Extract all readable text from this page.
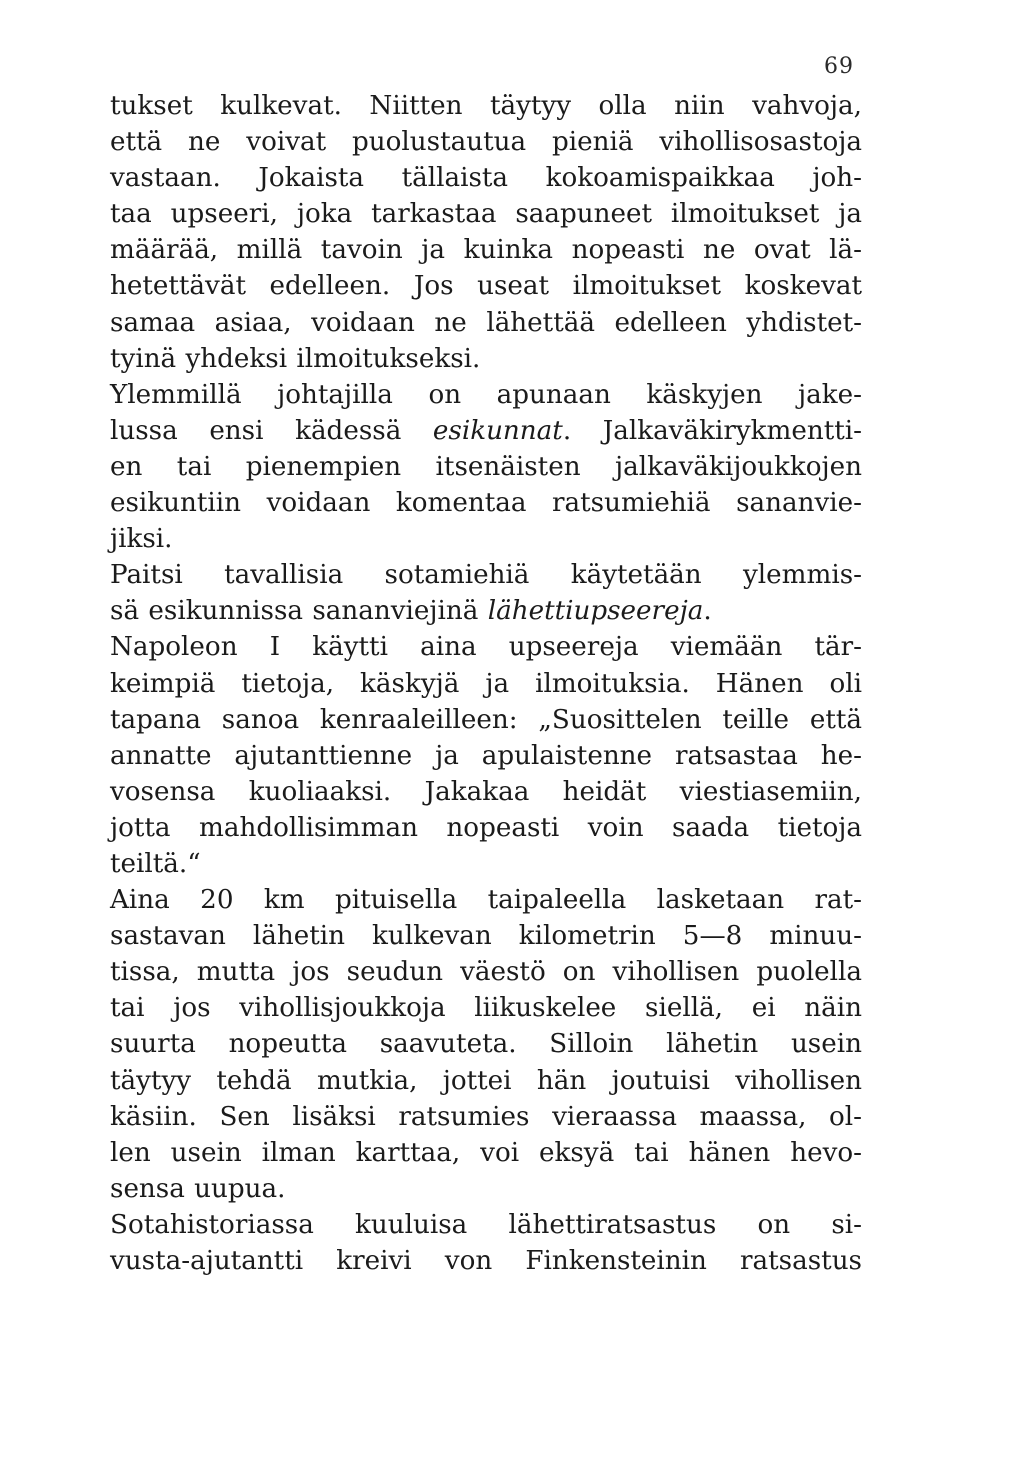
69
tukset kulkevat. Niitten täytyy olla niin vahvoja,
että ne voivat puolustautua pieniä vihollisosastoja
vastaan. Jokaista tällaista kokoamispaikkaa joh-
taa upseeri, joka tarkastaa saapuneet ilmoitukset ja
määrää, millä tavoin ja kuinka nopeasti ne ovat lä-
hetettävät edelleen. Jos useat ilmoitukset koskevat
samaa asiaa, voidaan ne lähettää edelleen yhdistet-
tyinä yhdeksi ilmoitukseksi.
Ylemmillä johtajilla on apunaan käskyjen jake-
lussa ensi kädessä esikunnat. Jalkaväkirykmentti-
en tai pienempien itsenäisten jalkaväkijoukkojen
esikuntiin voidaan komentaa ratsumiehiä sananvie-
jiksi.
Paitsi tavallisia sotamiehiä käytetään ylemmis-
sä esikunnissa sananviejinä lähettiupseereja.
Napoleon I käytti aina upseereja viemään tär-
keimpiä tietoja, käskyjä ja ilmoituksia. Hänen oli
tapana sanoa kenraaleilleen: „Suosittelen teille että
annatte ajutanttienne ja apulaistenne ratsastaa he-
vosensa kuoliaaksi. Jakakaa heidät viestiasemiin,
jotta mahdollisimman nopeasti voin saada tietoja
teiltä.“
Aina 20 km pituisella taipaleella lasketaan rat-
sastavan lähetin kulkevan kilometrin 5—8 minuu-
tissa, mutta jos seudun väestö on vihollisen puolella
tai jos vihollisjoukkoja liikuskelee siellä, ei näin
suurta nopeutta saavuteta. Silloin lähetin usein
täytyy tehdä mutkia, jottei hän joutuisi vihollisen
käsiin. Sen lisäksi ratsumies vieraassa maassa, ol-
len usein ilman karttaa, voi eksyä tai hänen hevo-
sensa uupua.
Sotahistoriassa kuuluisa lähettiratsastus on si-
vusta-ajutantti kreivi von Finkensteinin ratsastus
